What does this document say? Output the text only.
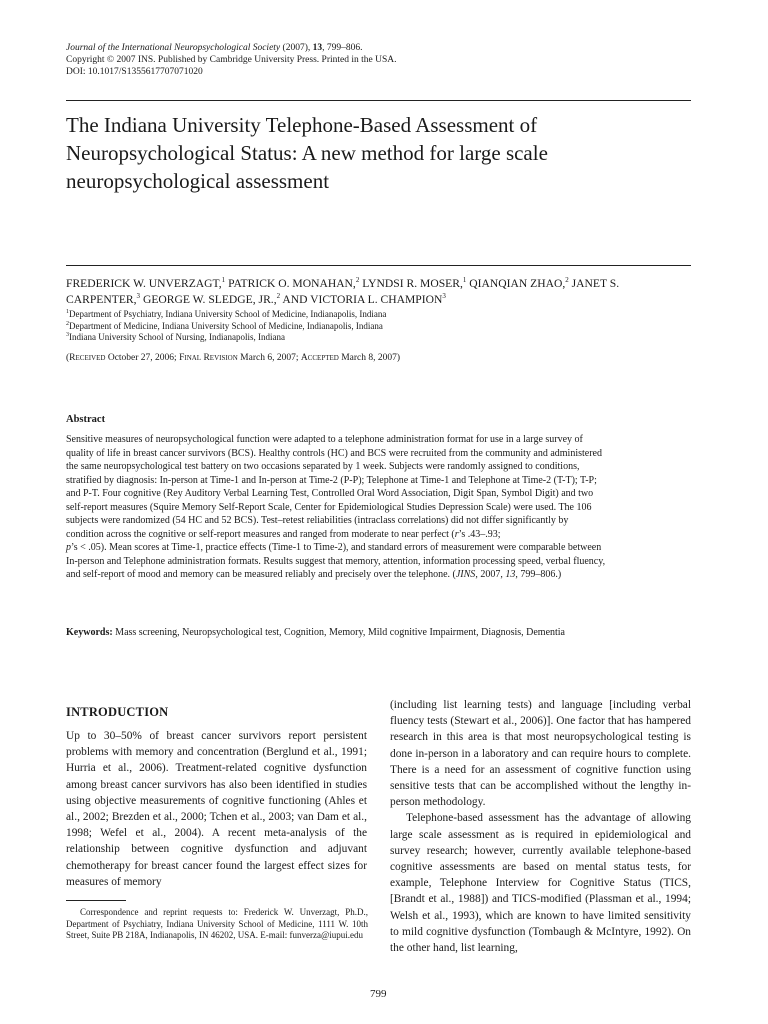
Journal of the International Neuropsychological Society (2007), 13, 799–806.
Copyright © 2007 INS. Published by Cambridge University Press. Printed in the USA.
DOI: 10.1017/S1355617707071020
The Indiana University Telephone-Based Assessment of Neuropsychological Status: A new method for large scale neuropsychological assessment
FREDERICK W. UNVERZAGT,$^1$ PATRICK O. MONAHAN,$^2$ LYNDSI R. MOSER,$^1$ QIANQIAN ZHAO,$^2$ JANET S. CARPENTER,$^3$ GEORGE W. SLEDGE, JR.,$^2$ AND VICTORIA L. CHAMPION$^3$
$^1$Department of Psychiatry, Indiana University School of Medicine, Indianapolis, Indiana
$^2$Department of Medicine, Indiana University School of Medicine, Indianapolis, Indiana
$^3$Indiana University School of Nursing, Indianapolis, Indiana
(Received October 27, 2006; Final Revision March 6, 2007; Accepted March 8, 2007)
Abstract
Sensitive measures of neuropsychological function were adapted to a telephone administration format for use in a large survey of quality of life in breast cancer survivors (BCS). Healthy controls (HC) and BCS were recruited from the community and administered the same neuropsychological test battery on two occasions separated by 1 week. Subjects were randomly assigned to conditions, stratified by diagnosis: In-person at Time-1 and In-person at Time-2 (P-P); Telephone at Time-1 and Telephone at Time-2 (T-T); T-P; and P-T. Four cognitive (Rey Auditory Verbal Learning Test, Controlled Oral Word Association, Digit Span, Symbol Digit) and two self-report measures (Squire Memory Self-Report Scale, Center for Epidemiological Studies Depression Scale) were used. The 106 subjects were randomized (54 HC and 52 BCS). Test–retest reliabilities (intraclass correlations) did not differ significantly by condition across the cognitive or self-report measures and ranged from moderate to near perfect (r’s .43–.93;
p’s < .05). Mean scores at Time-1, practice effects (Time-1 to Time-2), and standard errors of measurement were comparable between In-person and Telephone administration formats. Results suggest that memory, attention, information processing speed, verbal fluency, and self-report of mood and memory can be measured reliably and precisely over the telephone. (JINS, 2007, 13, 799–806.)
Keywords: Mass screening, Neuropsychological test, Cognition, Memory, Mild cognitive Impairment, Diagnosis, Dementia
INTRODUCTION

Up to 30–50% of breast cancer survivors report persistent problems with memory and concentration (Berglund et al., 1991; Hurria et al., 2006). Treatment-related cognitive dysfunction among breast cancer survivors has also been identified in studies using objective measurements of cognitive functioning (Ahles et al., 2002; Brezden et al., 2000; Tchen et al., 2003; van Dam et al., 1998; Wefel et al., 2004). A recent meta-analysis of the relationship between cognitive dysfunction and adjuvant chemotherapy for breast cancer found the largest effect sizes for measures of memory

(including list learning tests) and language [including verbal fluency tests (Stewart et al., 2006)]. One factor that has hampered research in this area is that most neuropsychological testing is done in-person in a laboratory and can require hours to complete. There is a need for an assessment of cognitive function using sensitive tests that can be accomplished without the lengthy in-person methodology.

Telephone-based assessment has the advantage of allowing large scale assessment as is required in epidemiological and survey research; however, currently available telephone-based cognitive assessments are based on mental status tests, for example, Telephone Interview for Cognitive Status (TICS, [Brandt et al., 1988]) and TICS-modified (Plassman et al., 1994; Welsh et al., 1993), which are known to have limited sensitivity to mild cognitive dysfunction (Tombaugh & McIntyre, 1992). On the other hand, list learning,

Correspondence and reprint requests to: Frederick W. Unverzagt, Ph.D., Department of Psychiatry, Indiana University School of Medicine, 1111 W. 10th Street, Suite PB 218A, Indianapolis, IN 46202, USA. E-mail: funverza@iupui.edu
799
